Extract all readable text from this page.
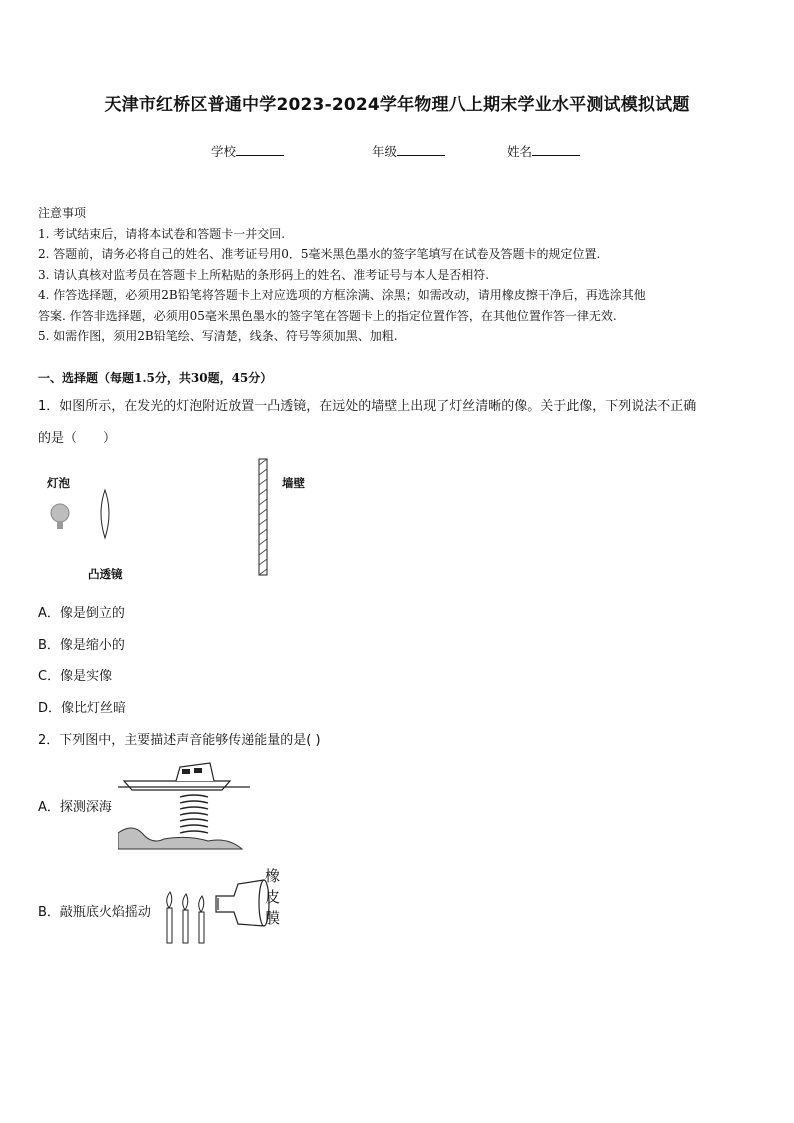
天津市红桥区普通中学2023-2024学年物理八上期末学业水平测试模拟试题
学校	年级	姓名
注意事项
1. 考试结束后，请将本试卷和答题卡一并交回.
2. 答题前，请务必将自己的姓名、准考证号用0．5毫米黑色墨水的签字笔填写在试卷及答题卡的规定位置.
3. 请认真核对监考员在答题卡上所粘贴的条形码上的姓名、准考证号与本人是否相符.
4. 作答选择题，必须用2B铅笔将答题卡上对应选项的方框涂满、涂黑；如需改动，请用橡皮擦干净后，再选涂其他
答案. 作答非选择题，必须用05毫米黑色墨水的签字笔在答题卡上的指定位置作答，在其他位置作答一律无效.
5. 如需作图，须用2B铅笔绘、写清楚，线条、符号等须加黑、加粗.
一、选择题（每题1.5分，共30题，45分）
1．如图所示，在发光的灯泡附近放置一凸透镜，在远处的墙壁上出现了灯丝清晰的像。关于此像，下列说法不正确
的是（　　）
灯泡	墙壁
凸透镜
A．像是倒立的
B．像是缩小的
C．像是实像
D．像比灯丝暗
2．下列图中，主要描述声音能够传递能量的是( )
A．探测深海
B．敲瓶底火焰摇动
橡
皮
膜
